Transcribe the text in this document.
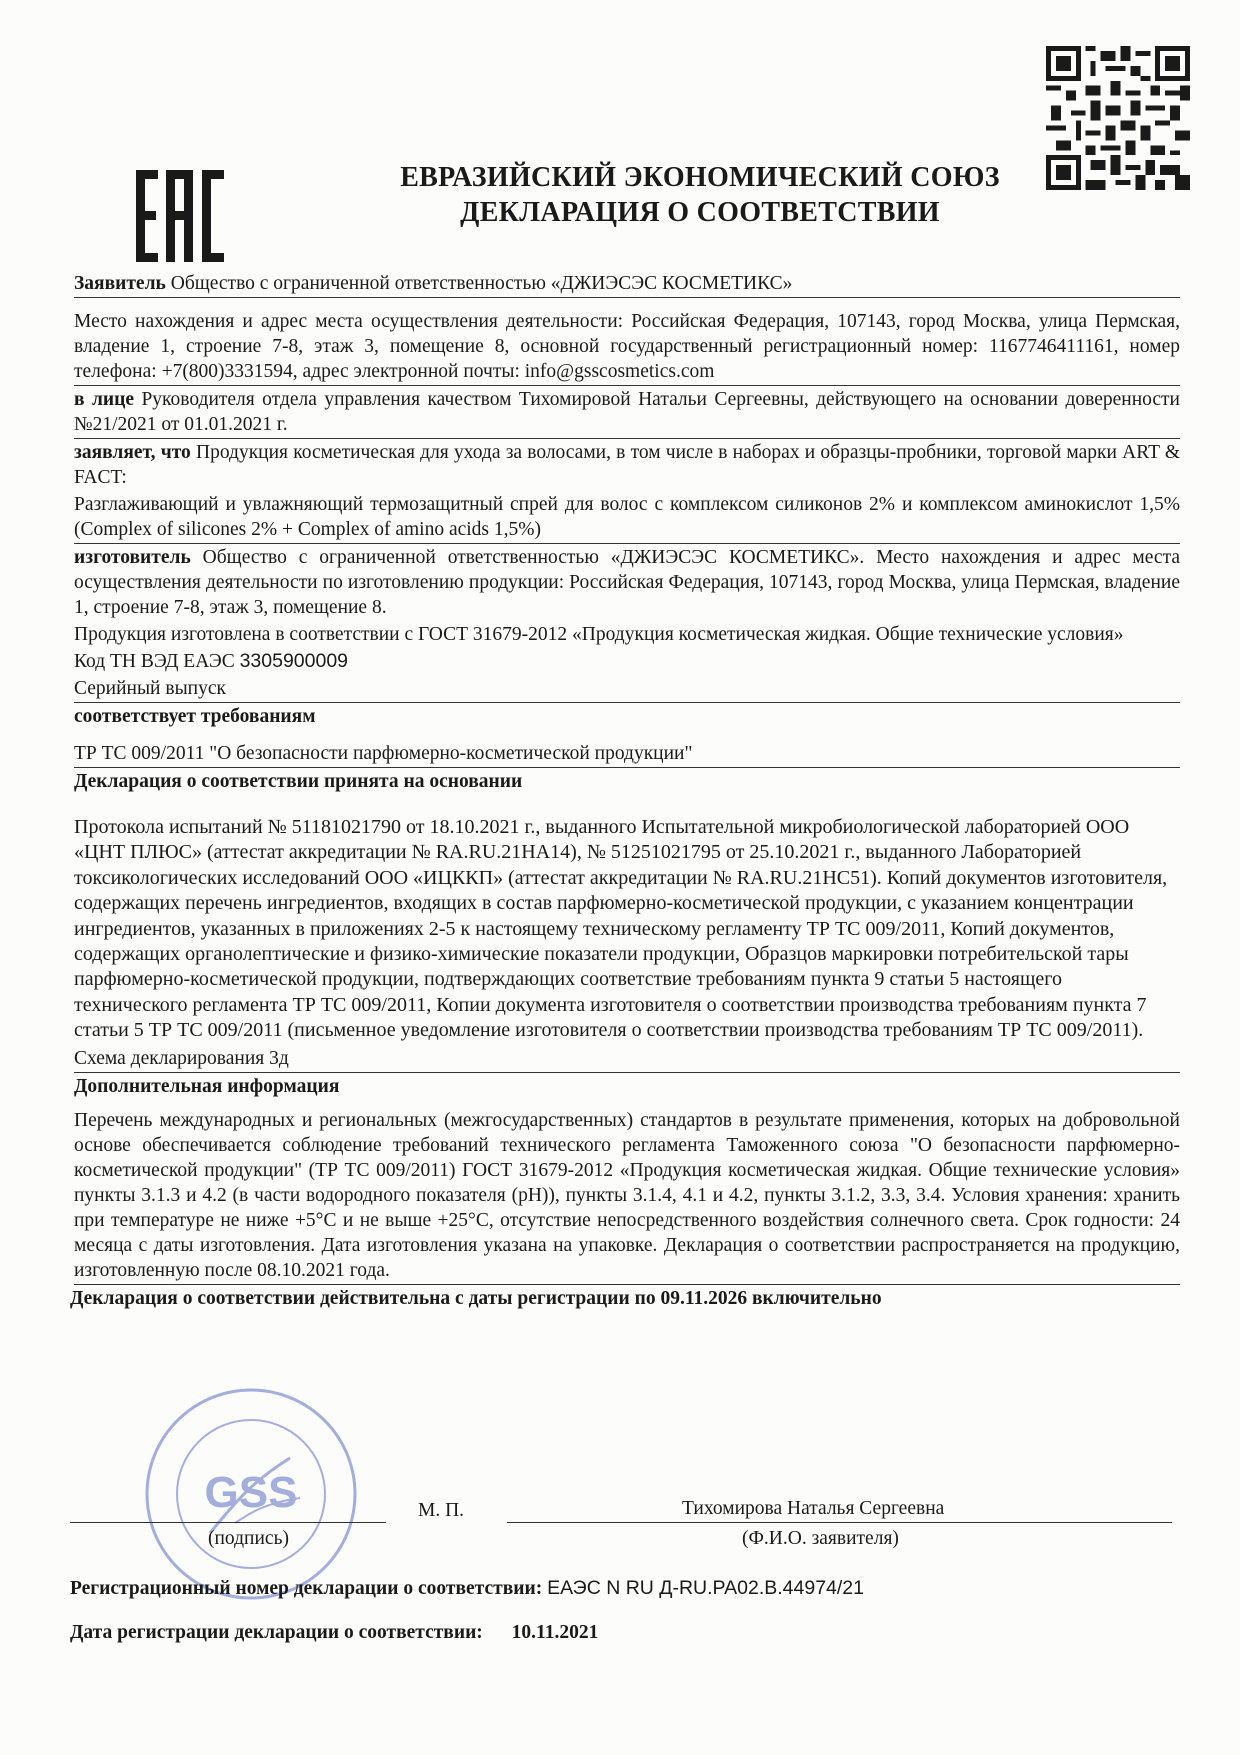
ЕВРАЗИЙСКИЙ ЭКОНОМИЧЕСКИЙ СОЮЗ
ДЕКЛАРАЦИЯ О СООТВЕТСТВИИ
Заявитель Общество с ограниченной ответственностью «ДЖИЭСЭС КОСМЕТИКС»
Место нахождения и адрес места осуществления деятельности: Российская Федерация, 107143, город Москва, улица Пермская, владение 1, строение 7-8, этаж 3, помещение 8, основной государственный регистрационный номер: 1167746411161, номер телефона: +7(800)3331594, адрес электронной почты: info@gsscosmetics.com
в лице Руководителя отдела управления качеством Тихомировой Натальи Сергеевны, действующего на основании доверенности №21/2021 от 01.01.2021 г.
заявляет, что Продукция косметическая для ухода за волосами, в том числе в наборах и образцы-пробники, торговой марки ART & FACT:
Разглаживающий и увлажняющий термозащитный спрей для волос с комплексом силиконов 2% и комплексом аминокислот 1,5% (Complex of silicones 2% + Complex of amino acids 1,5%)
изготовитель Общество с ограниченной ответственностью «ДЖИЭСЭС КОСМЕТИКС». Место нахождения и адрес места осуществления деятельности по изготовлению продукции: Российская Федерация, 107143, город Москва, улица Пермская, владение 1, строение 7-8, этаж 3, помещение 8.
Продукция изготовлена в соответствии с ГОСТ 31679-2012 «Продукция косметическая жидкая. Общие технические условия»
Код ТН ВЭД ЕАЭС 3305900009
Серийный выпуск
соответствует требованиям
ТР ТС 009/2011 "О безопасности парфюмерно-косметической продукции"
Декларация о соответствии принята на основании
Протокола испытаний № 51181021790 от 18.10.2021 г., выданного Испытательной микробиологической лабораторией ООО «ЦНТ ПЛЮС» (аттестат аккредитации № RA.RU.21НА14), № 51251021795 от 25.10.2021 г., выданного Лабораторией токсикологических исследований ООО «ИЦККП» (аттестат аккредитации № RA.RU.21НС51). Копий документов изготовителя, содержащих перечень ингредиентов, входящих в состав парфюмерно-косметической продукции, с указанием концентрации ингредиентов, указанных в приложениях 2-5 к настоящему техническому регламенту ТР ТС 009/2011, Копий документов, содержащих органолептические и физико-химические показатели продукции, Образцов маркировки потребительской тары парфюмерно-косметической продукции, подтверждающих соответствие требованиям пункта 9 статьи 5 настоящего технического регламента ТР ТС 009/2011, Копии документа изготовителя о соответствии производства требованиям пункта 7 статьи 5 ТР ТС 009/2011 (письменное уведомление изготовителя о соответствии производства требованиям ТР ТС 009/2011).
Схема декларирования 3д
Дополнительная информация
Перечень международных и региональных (межгосударственных) стандартов в результате применения, которых на добровольной основе обеспечивается соблюдение требований технического регламента Таможенного союза "О безопасности парфюмерно-косметической продукции" (ТР ТС 009/2011) ГОСТ 31679-2012 «Продукция косметическая жидкая. Общие технические условия» пункты 3.1.3 и 4.2 (в части водородного показателя (рН)), пункты 3.1.4, 4.1 и 4.2, пункты 3.1.2, 3.3, 3.4. Условия хранения: хранить при температуре не ниже +5°С и не выше +25°С, отсутствие непосредственного воздействия солнечного света. Срок годности: 24 месяца с даты изготовления. Дата изготовления указана на упаковке. Декларация о соответствии распространяется на продукцию, изготовленную после 08.10.2021 года.
Декларация о соответствии действительна с даты регистрации по 09.11.2026 включительно
GSS
(подпись)
М. П.	Тихомирова Наталья Сергеевна
(Ф.И.О. заявителя)
Регистрационный номер декларации о соответствии: ЕАЭС N RU Д-RU.PA02.B.44974/21
Дата регистрации декларации о соответствии: 10.11.2021
